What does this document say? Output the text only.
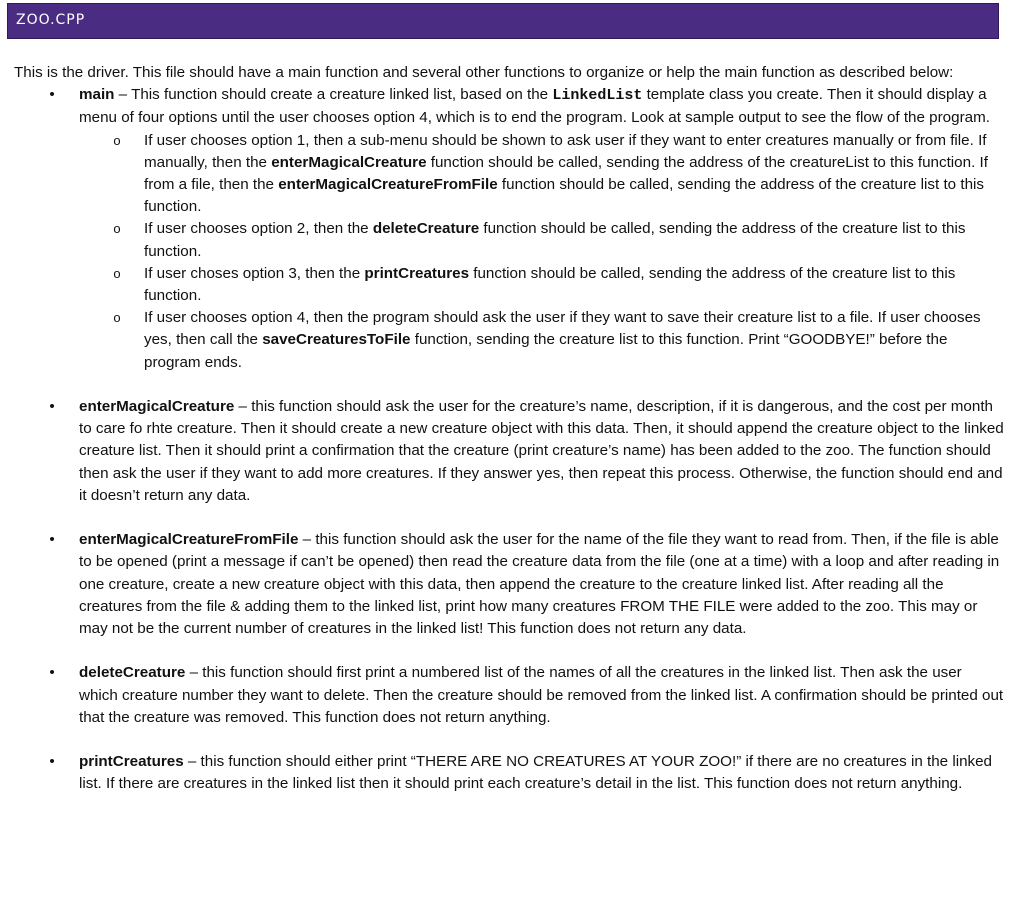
ZOO.CPP

This is the driver. This file should have a main function and several other functions to organize or help the main function as described below:

• main – This function should create a creature linked list, based on the LinkedList template class you create. Then it should display a menu of four options until the user chooses option 4, which is to end the program. Look at sample output to see the flow of the program.
o If user chooses option 1, then a sub-menu should be shown to ask user if they want to enter creatures manually or from file. If manually, then the enterMagicalCreature function should be called, sending the address of the creatureList to this function. If from a file, then the enterMagicalCreatureFromFile function should be called, sending the address of the creature list to this function.
o If user chooses option 2, then the deleteCreature function should be called, sending the address of the creature list to this function.
o If user choses option 3, then the printCreatures function should be called, sending the address of the creature list to this function.
o If user chooses option 4, then the program should ask the user if they want to save their creature list to a file. If user chooses yes, then call the saveCreaturesToFile function, sending the creature list to this function. Print “GOODBYE!” before the program ends.
• enterMagicalCreature – this function should ask the user for the creature’s name, description, if it is dangerous, and the cost per month to care fo rhte creature. Then it should create a new creature object with this data. Then, it should append the creature object to the linked creature list. Then it should print a confirmation that the creature (print creature’s name) has been added to the zoo. The function should then ask the user if they want to add more creatures. If they answer yes, then repeat this process. Otherwise, the function should end and it doesn’t return any data.
• enterMagicalCreatureFromFile – this function should ask the user for the name of the file they want to read from. Then, if the file is able to be opened (print a message if can’t be opened) then read the creature data from the file (one at a time) with a loop and after reading in one creature, create a new creature object with this data, then append the creature to the creature linked list. After reading all the creatures from the file & adding them to the linked list, print how many creatures FROM THE FILE were added to the zoo. This may or may not be the current number of creatures in the linked list! This function does not return any data.
• deleteCreature – this function should first print a numbered list of the names of all the creatures in the linked list. Then ask the user which creature number they want to delete. Then the creature should be removed from the linked list. A confirmation should be printed out that the creature was removed. This function does not return anything.
• printCreatures – this function should either print “THERE ARE NO CREATURES AT YOUR ZOO!” if there are no creatures in the linked list. If there are creatures in the linked list then it should print each creature’s detail in the list. This function does not return anything.
